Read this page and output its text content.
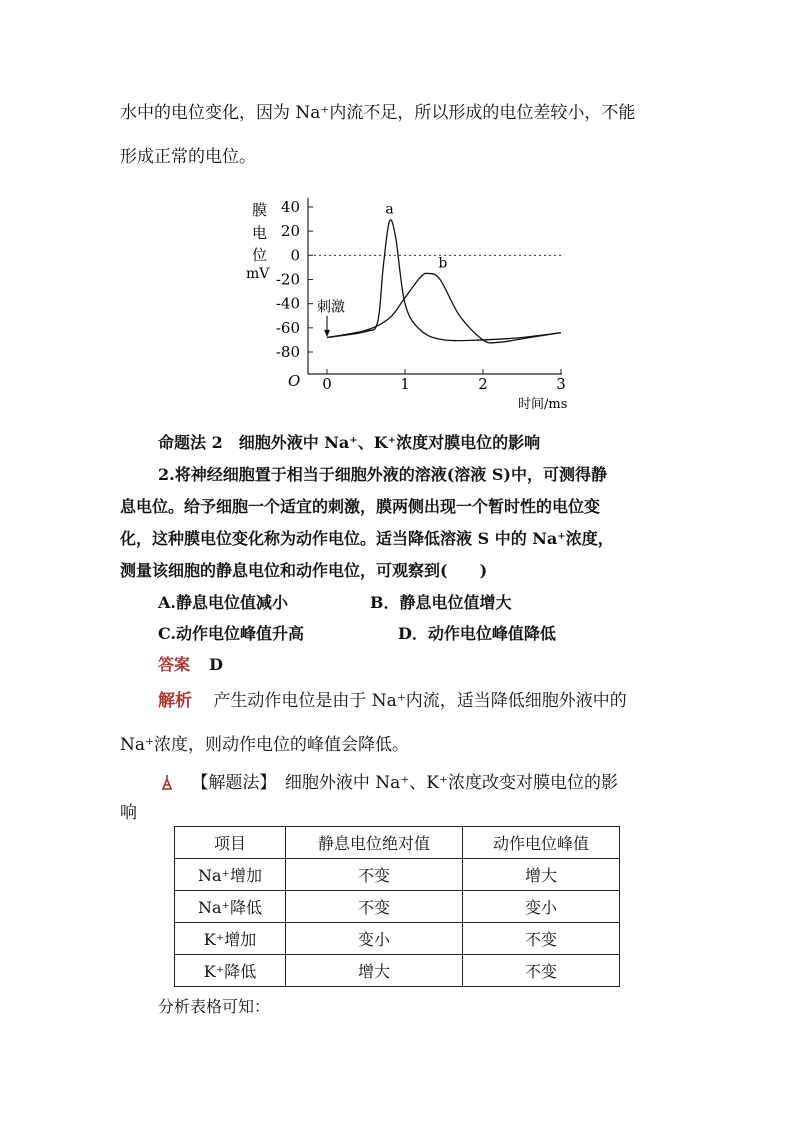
水中的电位变化，因为 Na⁺内流不足，所以形成的电位差较小，不能
形成正常的电位。
膜
电
位
mV
40
20
0
-20
-40
-60
-80
0	1	2	3
O
时间/ms
刺激
a
b
命题法 2　细胞外液中 Na⁺、K⁺浓度对膜电位的影响
2.将神经细胞置于相当于细胞外液的溶液(溶液 S)中，可测得静
息电位。给予细胞一个适宜的刺激，膜两侧出现一个暂时性的电位变
化，这种膜电位变化称为动作电位。适当降低溶液 S 中的 Na⁺浓度，
测量该细胞的静息电位和动作电位，可观察到(　　)
A.静息电位值减小	B．静息电位值增大
C.动作电位峰值升高	D．动作电位峰值降低
答案 D
解析 产生动作电位是由于 Na⁺内流，适当降低细胞外液中的
Na⁺浓度，则动作电位的峰值会降低。
【解题法】　细胞外液中 Na⁺、K⁺浓度改变对膜电位的影
响
项目	静息电位绝对值	动作电位峰值
Na⁺增加	不变	增大
Na⁺降低	不变	变小
K⁺增加	变小	不变
K⁺降低	增大	不变
分析表格可知：
